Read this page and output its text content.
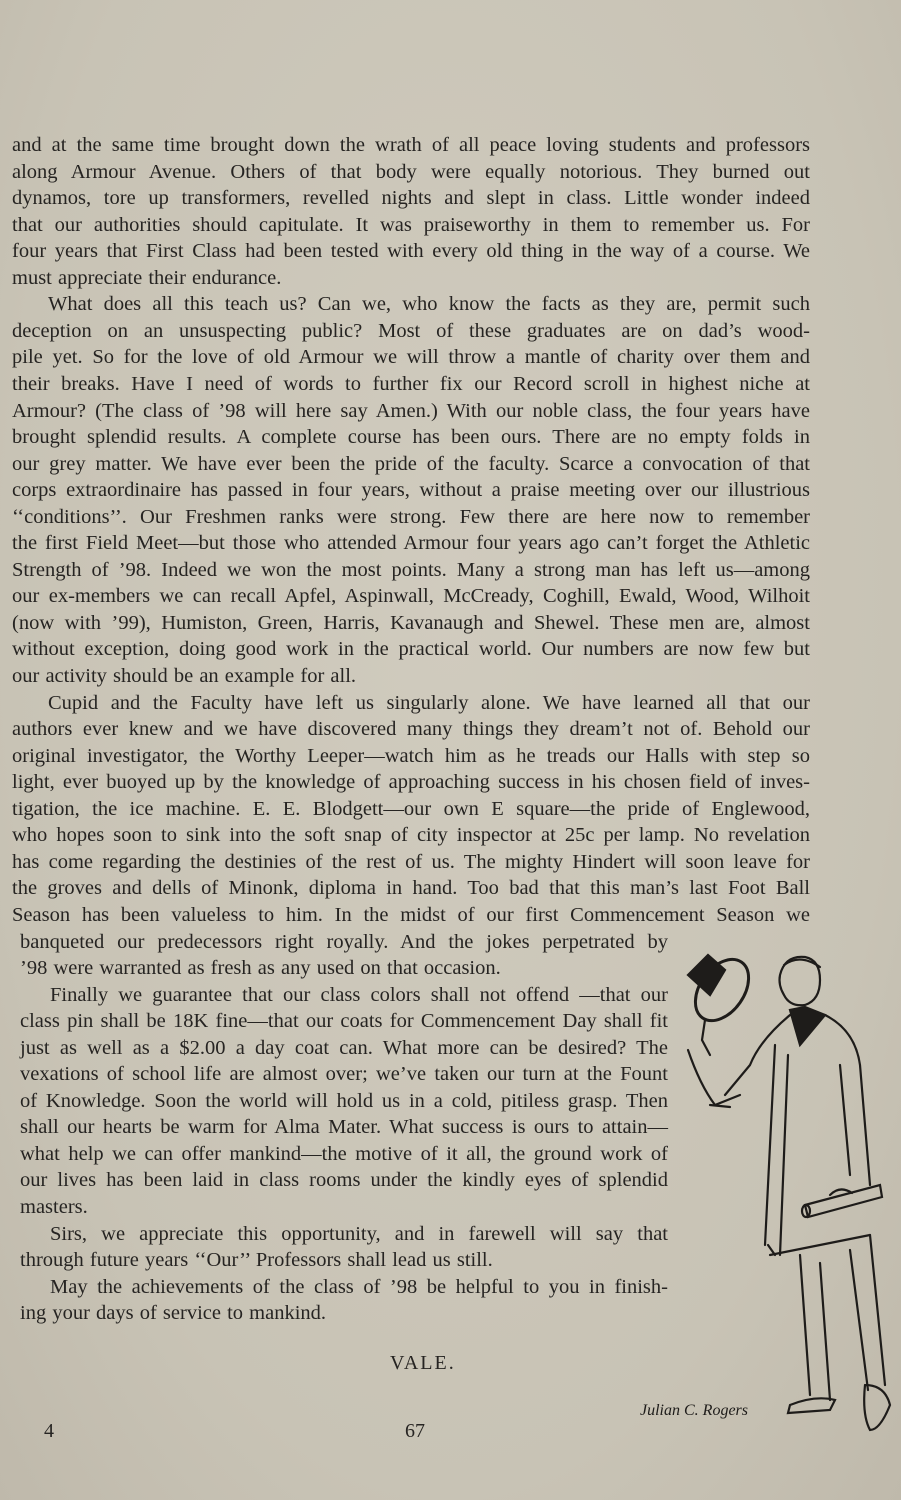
and at the same time brought down the wrath of all peace loving students and professors
along Armour Avenue. Others of that body were equally notorious. They burned out
dynamos, tore up transformers, revelled nights and slept in class. Little wonder indeed
that our authorities should capitulate. It was praiseworthy in them to remember us. For
four years that First Class had been tested with every old thing in the way of a course. We
must appreciate their endurance.
What does all this teach us? Can we, who know the facts as they are, permit such
deception on an unsuspecting public? Most of these graduates are on dad’s wood-
pile yet. So for the love of old Armour we will throw a mantle of charity over them and
their breaks. Have I need of words to further fix our Record scroll in highest niche at
Armour? (The class of ’98 will here say Amen.) With our noble class, the four years have
brought splendid results. A complete course has been ours. There are no empty folds in
our grey matter. We have ever been the pride of the faculty. Scarce a convocation of that
corps extraordinaire has passed in four years, without a praise meeting over our illustrious
‘‘conditions’’. Our Freshmen ranks were strong. Few there are here now to remember
the first Field Meet—but those who attended Armour four years ago can’t forget the Athletic
Strength of ’98. Indeed we won the most points. Many a strong man has left us—among
our ex-members we can recall Apfel, Aspinwall, McCready, Coghill, Ewald, Wood, Wilhoit
(now with ’99), Humiston, Green, Harris, Kavanaugh and Shewel. These men are, almost
without exception, doing good work in the practical world. Our numbers are now few but
our activity should be an example for all.
Cupid and the Faculty have left us singularly alone. We have learned all that our
authors ever knew and we have discovered many things they dream’t not of. Behold our
original investigator, the Worthy Leeper—watch him as he treads our Halls with step so
light, ever buoyed up by the knowledge of approaching success in his chosen field of inves-
tigation, the ice machine. E. E. Blodgett—our own E square—the pride of Englewood,
who hopes soon to sink into the soft snap of city inspector at 25c per lamp. No revelation
has come regarding the destinies of the rest of us. The mighty Hindert will soon leave for
the groves and dells of Minonk, diploma in hand. Too bad that this man’s last Foot Ball
Season has been valueless to him. In the midst of our first Commencement Season we
banqueted our predecessors right royally. And the jokes perpetrated by
’98 were warranted as fresh as any used on that occasion.
Finally we guarantee that our class colors shall not offend —that our
class pin shall be 18K fine—that our coats for Commencement Day shall fit
just as well as a $2.00 a day coat can. What more can be desired? The
vexations of school life are almost over; we’ve taken our turn at the Fount
of Knowledge. Soon the world will hold us in a cold, pitiless grasp. Then
shall our hearts be warm for Alma Mater. What success is ours to attain—
what help we can offer mankind—the motive of it all, the ground work of
our lives has been laid in class rooms under the kindly eyes of splendid
masters.
Sirs, we appreciate this opportunity, and in farewell will say that
through future years ‘‘Our’’ Professors shall lead us still.
May the achievements of the class of ’98 be helpful to you in finish-
ing your days of service to mankind.
VALE.
4	67
Julian C. Rogers
